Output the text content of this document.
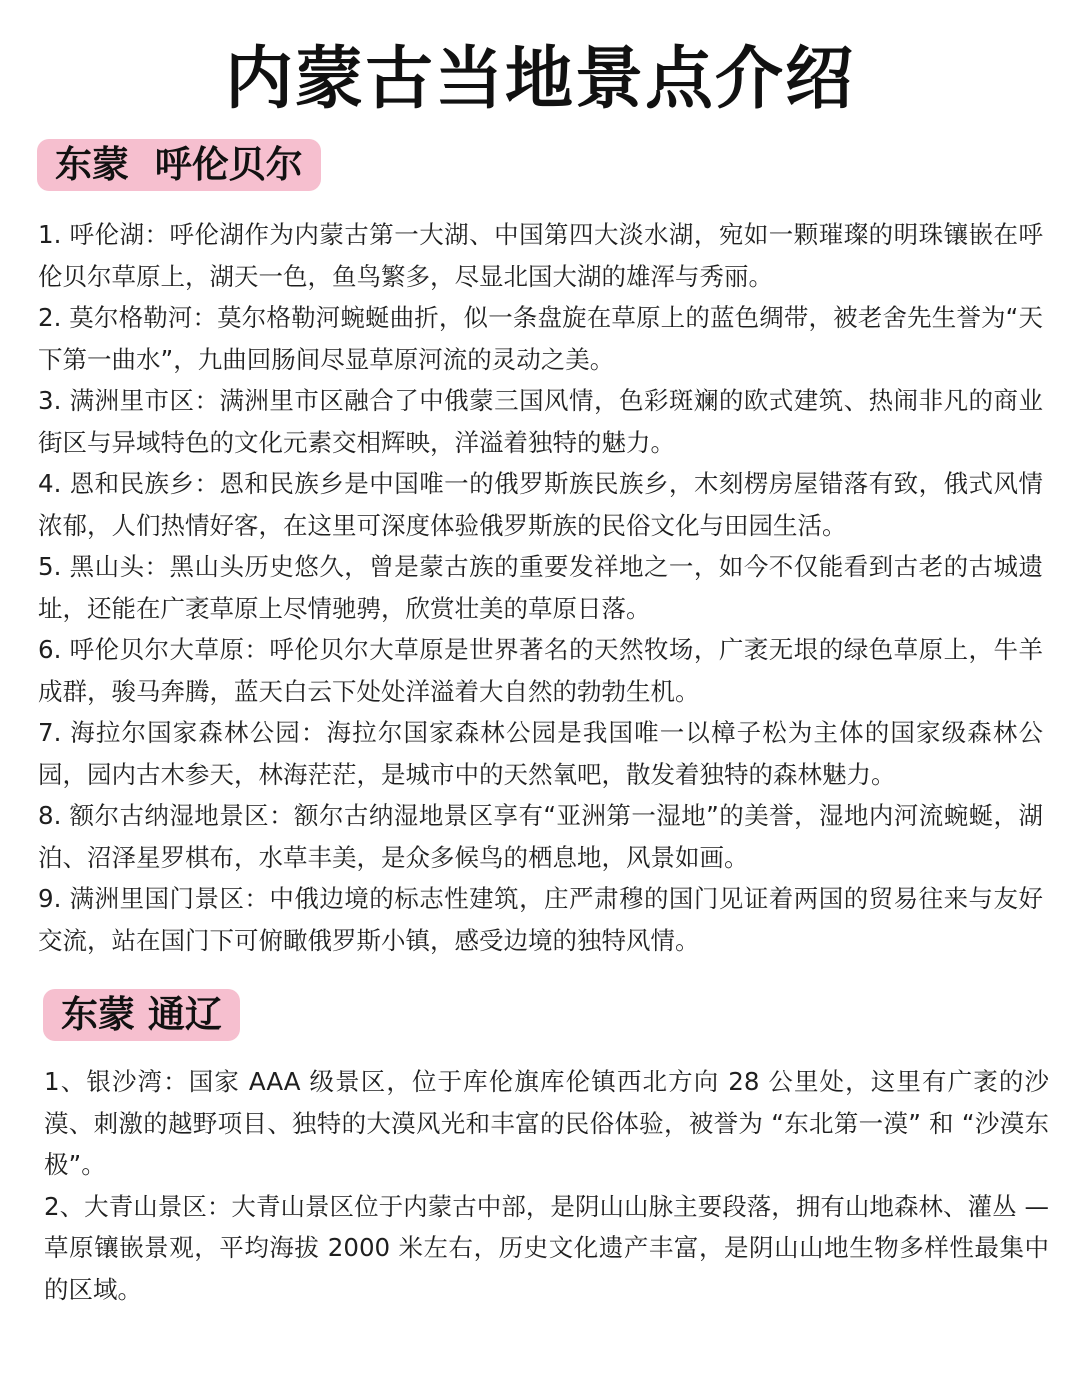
内蒙古当地景点介绍
东蒙  呼伦贝尔
1. 呼伦湖：呼伦湖作为内蒙古第一大湖、中国第四大淡水湖，宛如一颗璀璨的明珠镶嵌在呼伦贝尔草原上，湖天一色，鱼鸟繁多，尽显北国大湖的雄浑与秀丽。
2. 莫尔格勒河：莫尔格勒河蜿蜒曲折，似一条盘旋在草原上的蓝色绸带，被老舍先生誉为“天下第一曲水”，九曲回肠间尽显草原河流的灵动之美。
3. 满洲里市区：满洲里市区融合了中俄蒙三国风情，色彩斑斓的欧式建筑、热闹非凡的商业街区与异域特色的文化元素交相辉映，洋溢着独特的魅力。
4. 恩和民族乡：恩和民族乡是中国唯一的俄罗斯族民族乡，木刻楞房屋错落有致，俄式风情浓郁，人们热情好客，在这里可深度体验俄罗斯族的民俗文化与田园生活。
5. 黑山头：黑山头历史悠久，曾是蒙古族的重要发祥地之一，如今不仅能看到古老的古城遗址，还能在广袤草原上尽情驰骋，欣赏壮美的草原日落。
6. 呼伦贝尔大草原：呼伦贝尔大草原是世界著名的天然牧场，广袤无垠的绿色草原上，牛羊成群，骏马奔腾，蓝天白云下处处洋溢着大自然的勃勃生机。
7. 海拉尔国家森林公园：海拉尔国家森林公园是我国唯一以樟子松为主体的国家级森林公园，园内古木参天，林海茫茫，是城市中的天然氧吧，散发着独特的森林魅力。
8. 额尔古纳湿地景区：额尔古纳湿地景区享有“亚洲第一湿地”的美誉，湿地内河流蜿蜒，湖泊、沼泽星罗棋布，水草丰美，是众多候鸟的栖息地，风景如画。
9. 满洲里国门景区：中俄边境的标志性建筑，庄严肃穆的国门见证着两国的贸易往来与友好交流，站在国门下可俯瞰俄罗斯小镇，感受边境的独特风情。
东蒙 通辽
1、银沙湾：国家 AAA 级景区，位于库伦旗库伦镇西北方向 28 公里处，这里有广袤的沙漠、刺激的越野项目、独特的大漠风光和丰富的民俗体验，被誉为 “东北第一漠” 和 “沙漠东极”。
2、大青山景区：大青山景区位于内蒙古中部，是阴山山脉主要段落，拥有山地森林、灌丛 — 草原镶嵌景观，平均海拔 2000 米左右，历史文化遗产丰富，是阴山山地生物多样性最集中的区域。
